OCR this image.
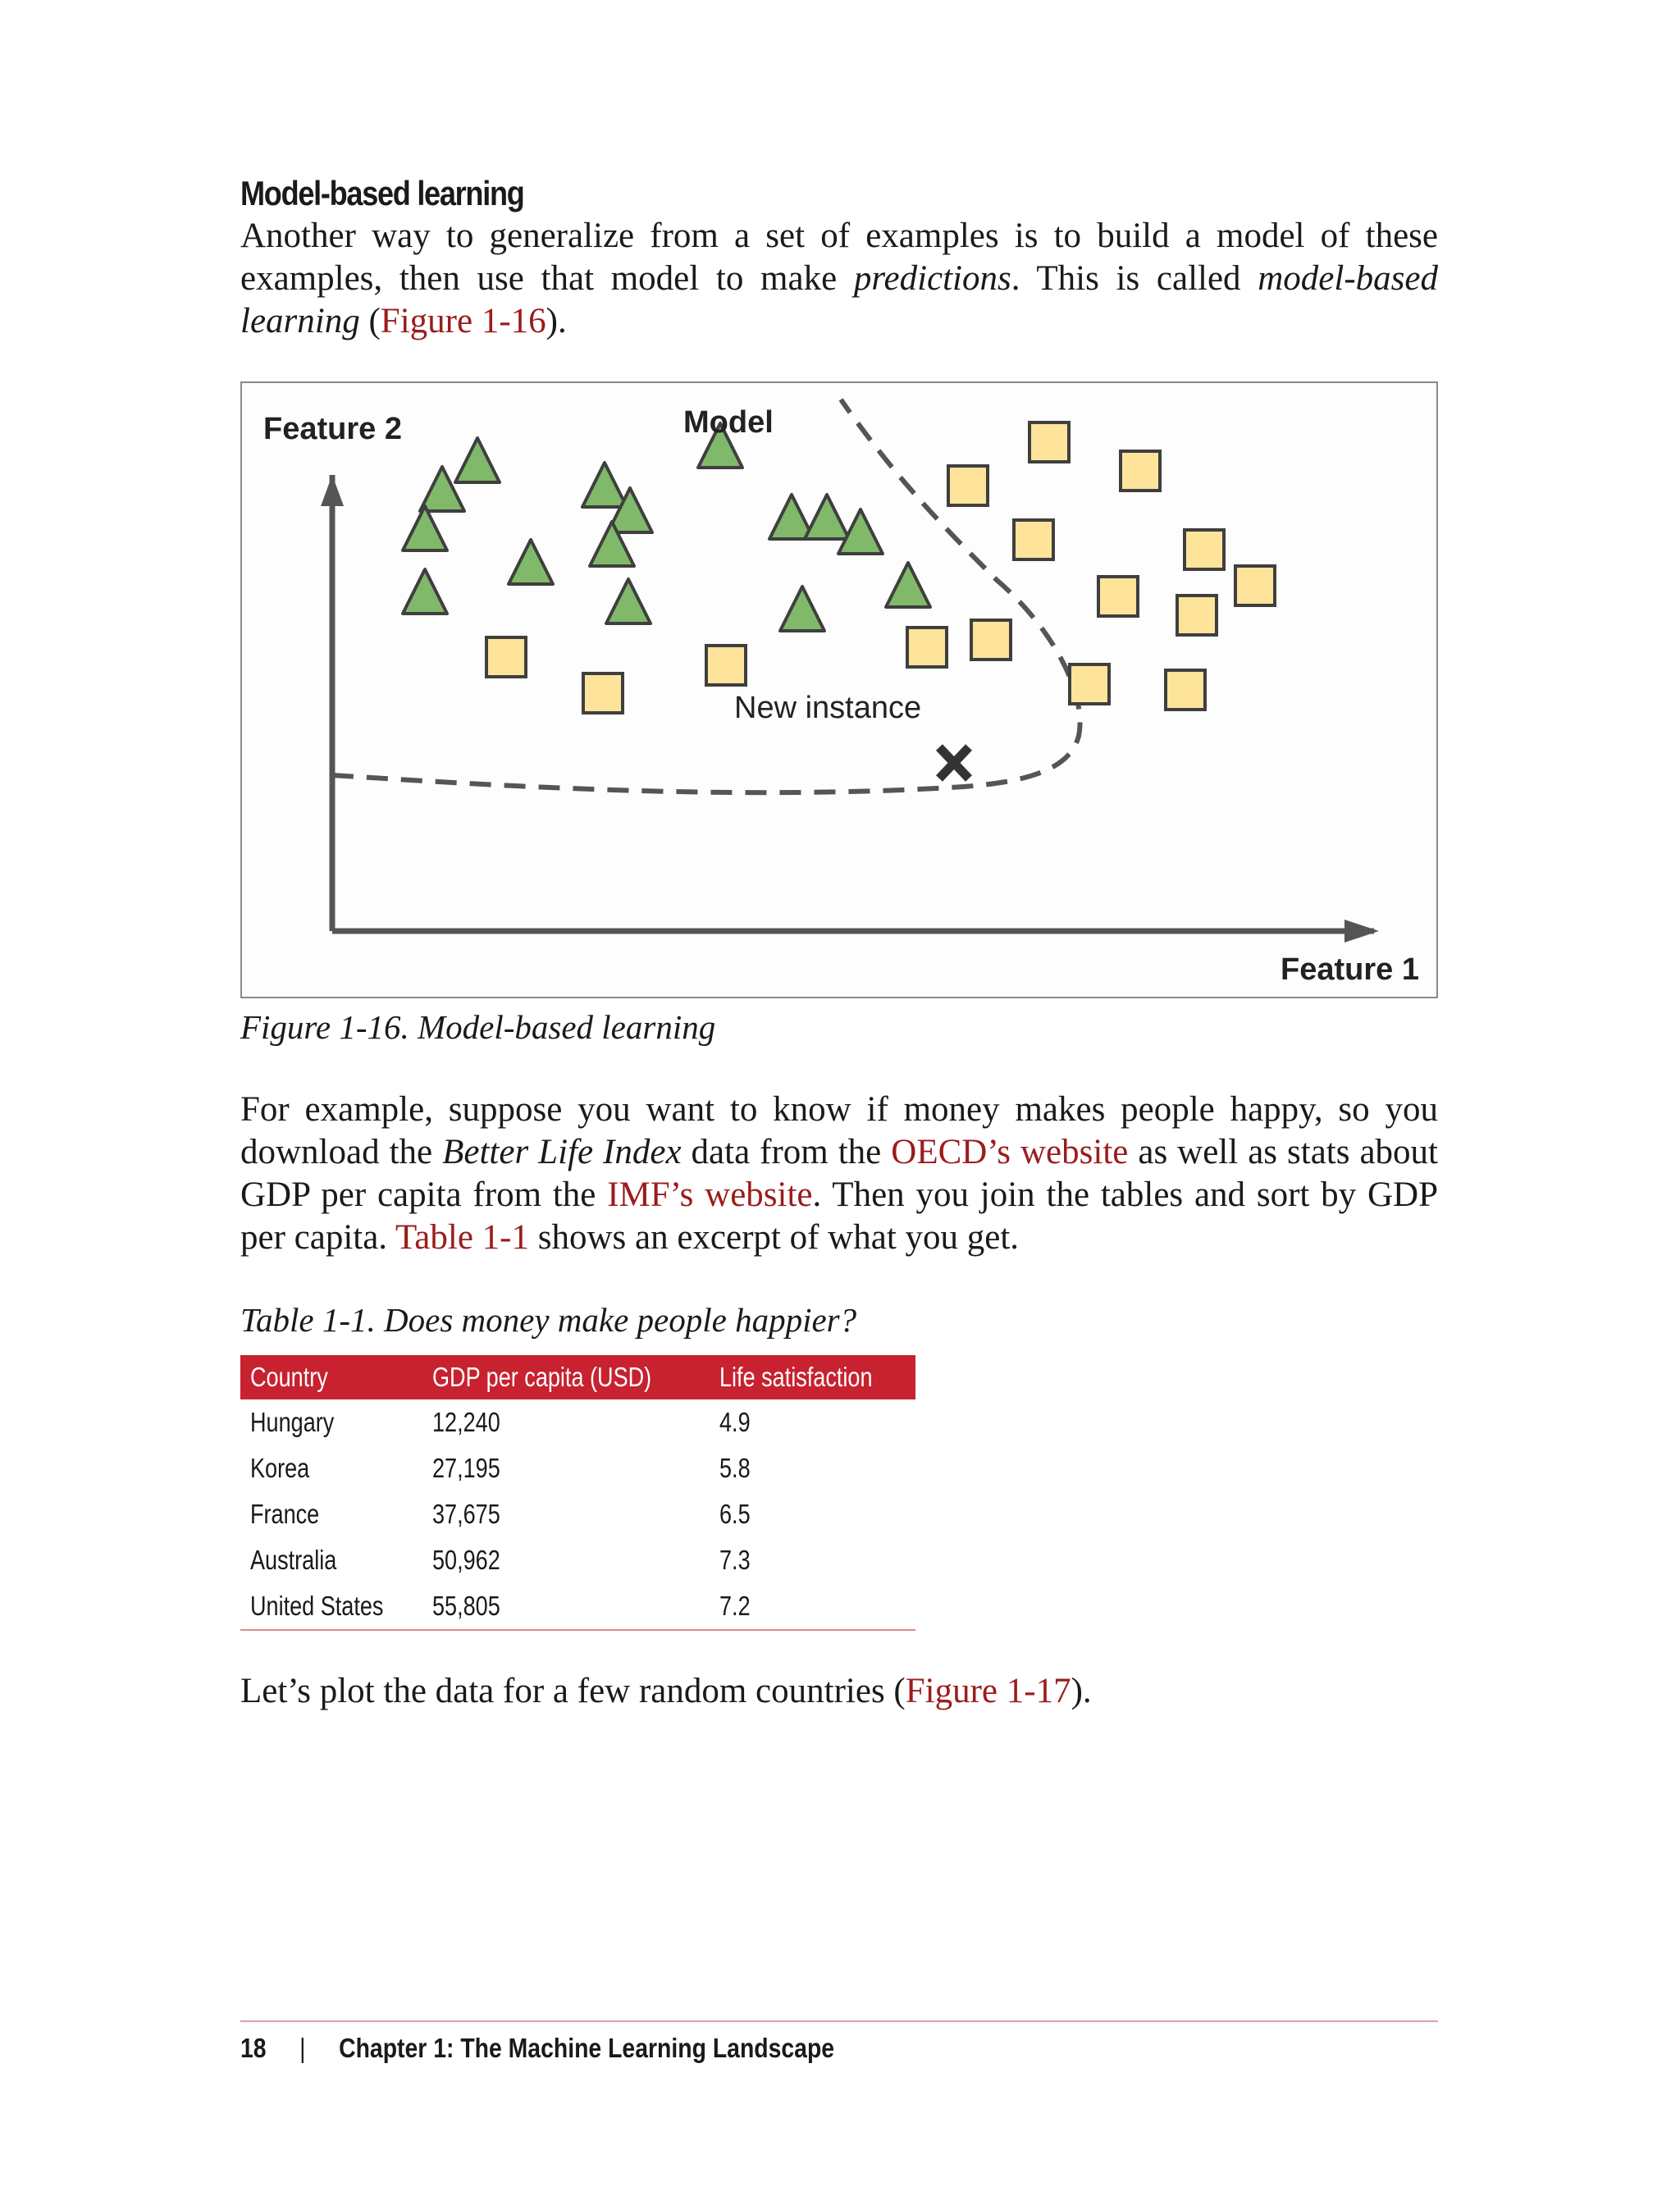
Model-based learning

Another way to generalize from a set of examples is to build a model of these examples, then use that model to make predictions. This is called model-based learning (Figure 1-16).

Feature 2	Model
New instance
Feature 1
Figure 1-16. Model-based learning

For example, suppose you want to know if money makes people happy, so you download the Better Life Index data from the OECD’s website as well as stats about GDP per capita from the IMF’s website. Then you join the tables and sort by GDP per capita. Table 1-1 shows an excerpt of what you get.

Table 1-1. Does money make people happier?
Country	GDP per capita (USD)	Life satisfaction
Hungary	12,240	4.9
Korea	27,195	5.8
France	37,675	6.5
Australia	50,962	7.3
United States	55,805	7.2

Let’s plot the data for a few random countries (Figure 1-17).

18 | Chapter 1: The Machine Learning Landscape
